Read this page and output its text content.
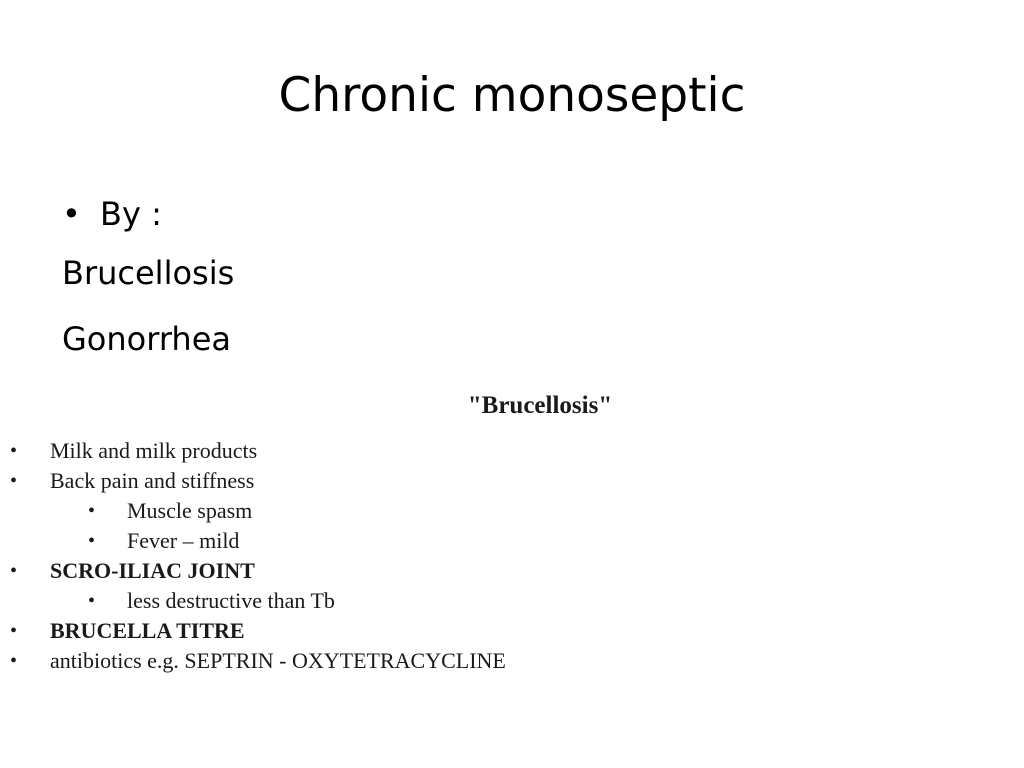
Chronic monoseptic
• By :
Brucellosis
Gonorrhea
"Brucellosis"
• Milk and milk products
• Back pain and stiffness
• Muscle spasm
• Fever – mild
• SCRO-ILIAC JOINT
• less destructive than Tb
• BRUCELLA TITRE
• antibiotics e.g. SEPTRIN - OXYTETRACYCLINE
